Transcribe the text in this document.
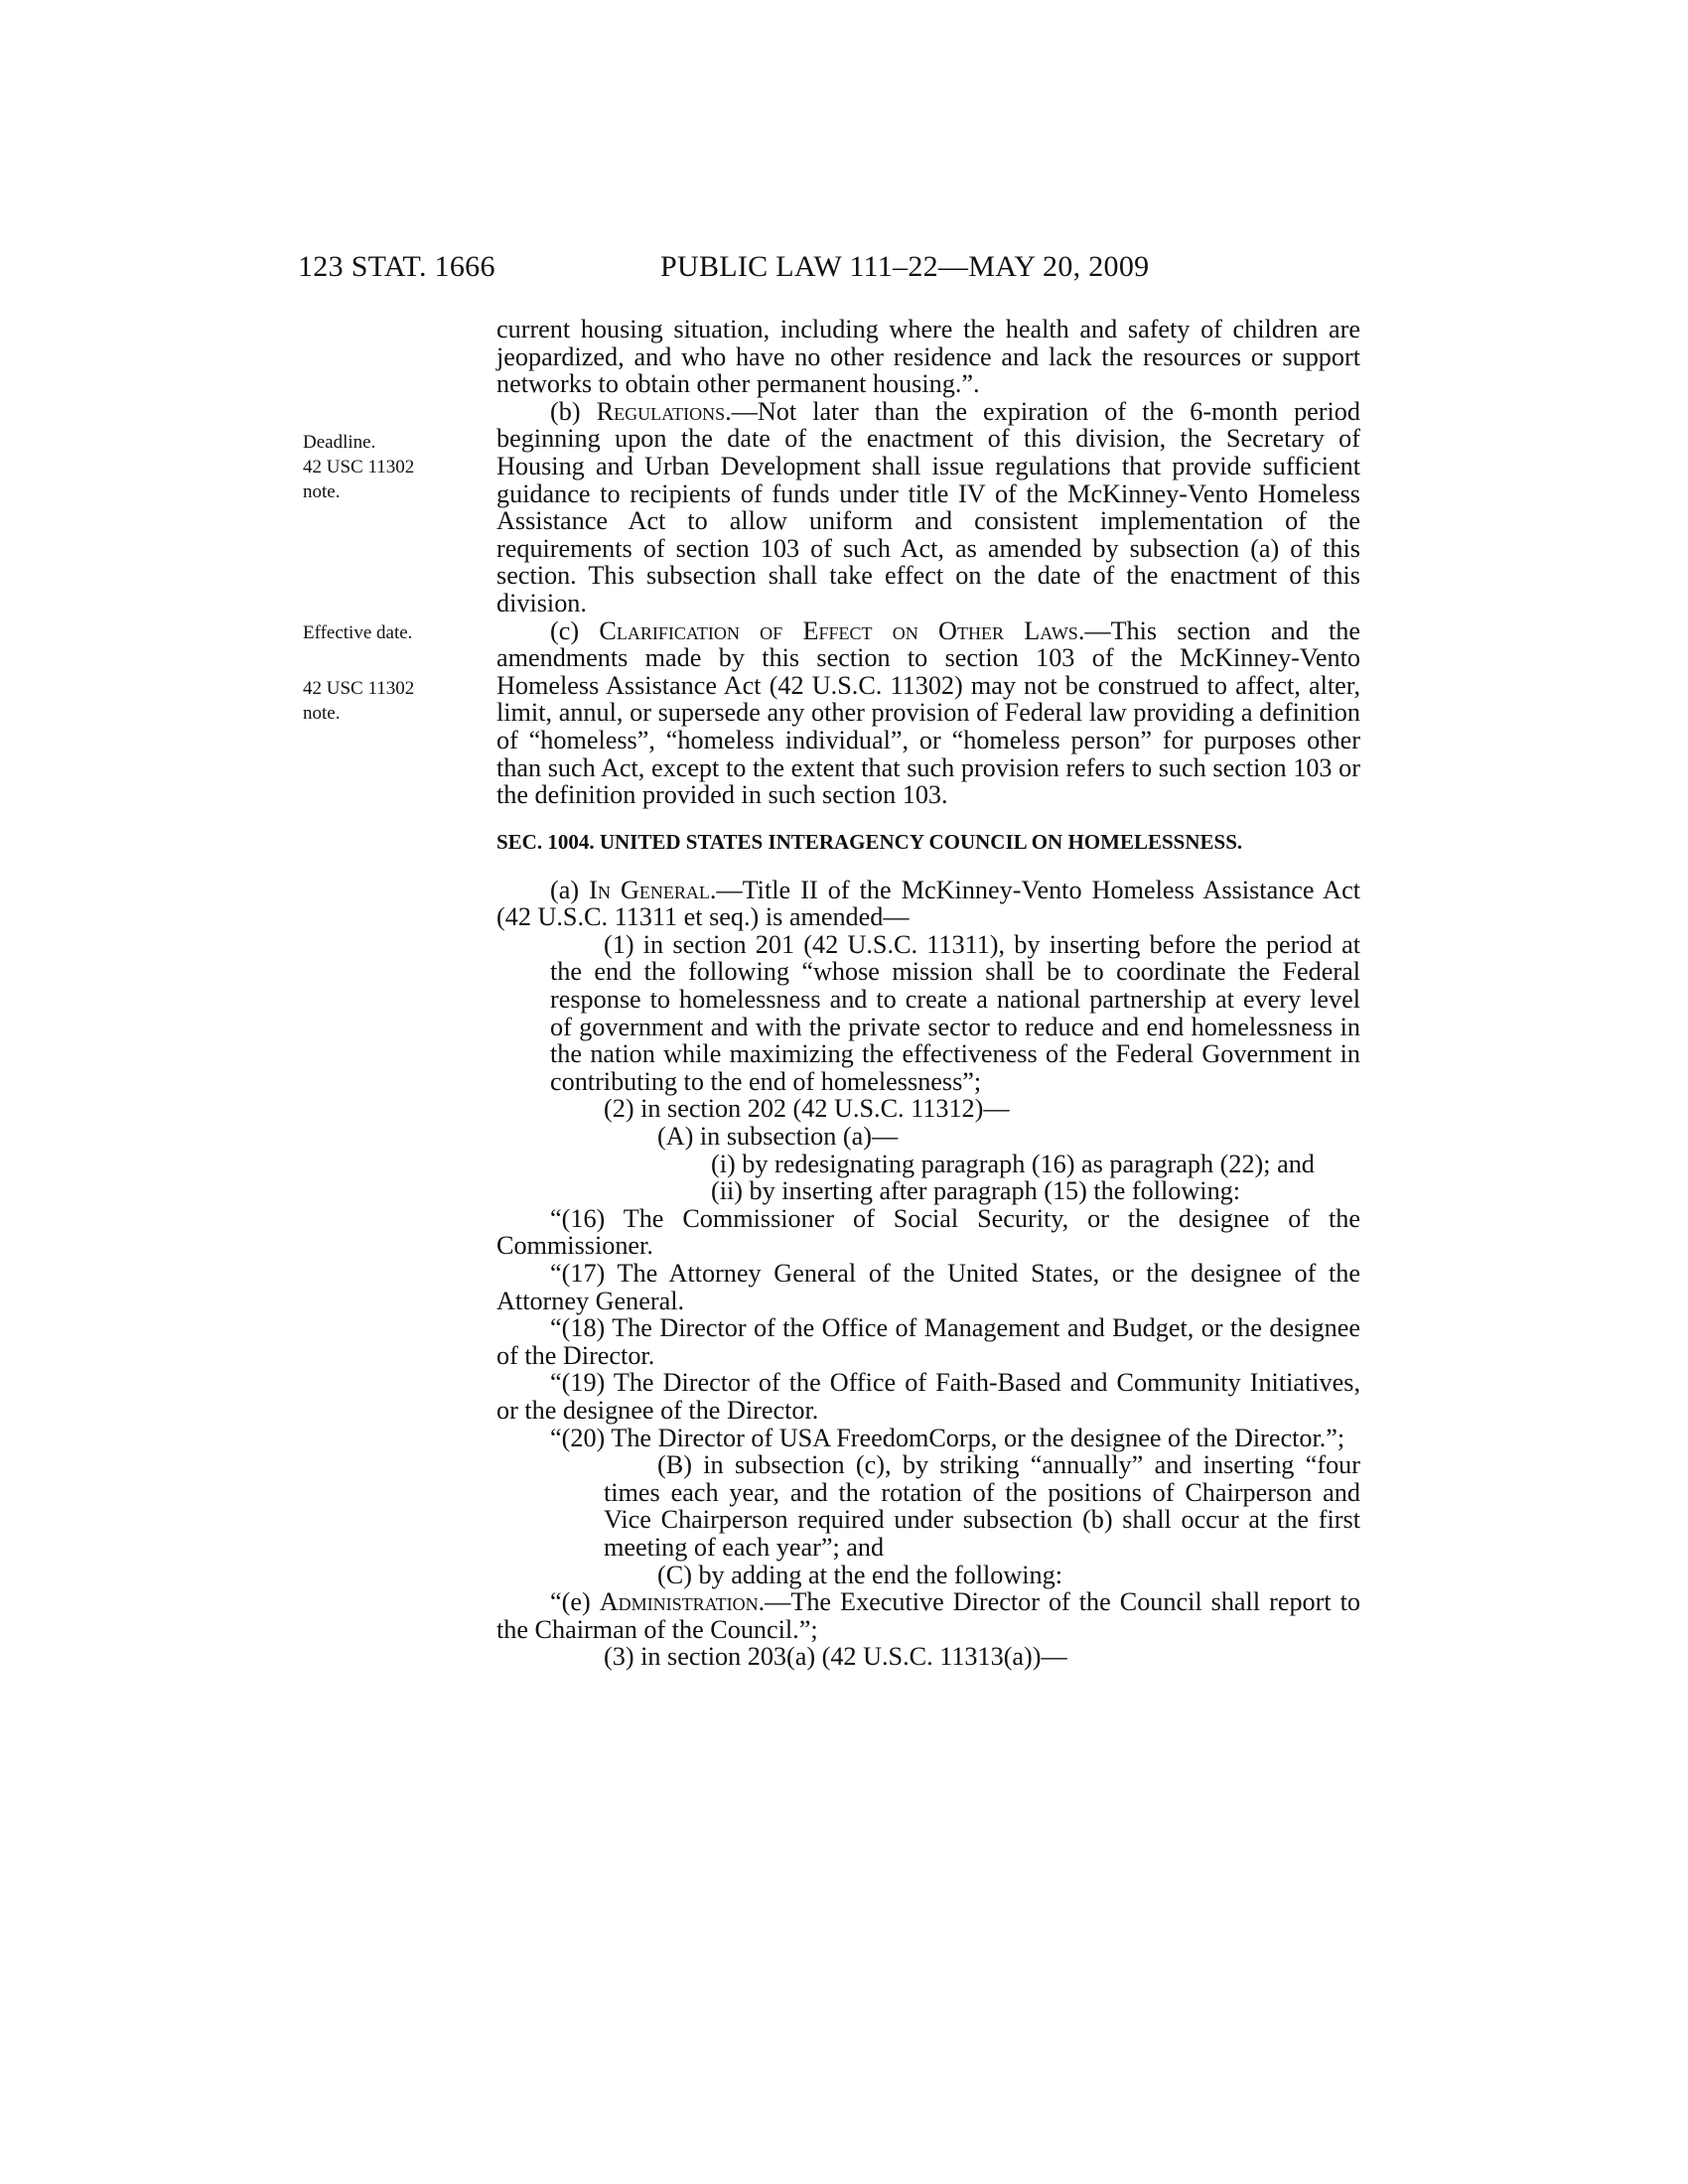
123 STAT. 1666	PUBLIC LAW 111–22—MAY 20, 2009
Deadline.
42 USC 11302
note.
Effective date.
42 USC 11302
note.

current housing situation, including where the health and safety of children are jeopardized, and who have no other residence and lack the resources or support networks to obtain other permanent housing.”.

(b) Regulations.—Not later than the expiration of the 6-month period beginning upon the date of the enactment of this division, the Secretary of Housing and Urban Development shall issue regulations that provide sufficient guidance to recipients of funds under title IV of the McKinney-Vento Homeless Assistance Act to allow uniform and consistent implementation of the requirements of section 103 of such Act, as amended by subsection (a) of this section. This subsection shall take effect on the date of the enactment of this division.

(c) Clarification of Effect on Other Laws.—This section and the amendments made by this section to section 103 of the McKinney-Vento Homeless Assistance Act (42 U.S.C. 11302) may not be construed to affect, alter, limit, annul, or supersede any other provision of Federal law providing a definition of “homeless”, “homeless individual”, or “homeless person” for purposes other than such Act, except to the extent that such provision refers to such section 103 or the definition provided in such section 103.

SEC. 1004. UNITED STATES INTERAGENCY COUNCIL ON HOMELESSNESS.

(a) In General.—Title II of the McKinney-Vento Homeless Assistance Act (42 U.S.C. 11311 et seq.) is amended—

(1) in section 201 (42 U.S.C. 11311), by inserting before the period at the end the following “whose mission shall be to coordinate the Federal response to homelessness and to create a national partnership at every level of government and with the private sector to reduce and end homelessness in the nation while maximizing the effectiveness of the Federal Government in contributing to the end of homelessness”;

(2) in section 202 (42 U.S.C. 11312)—

(A) in subsection (a)—

(i) by redesignating paragraph (16) as paragraph (22); and

(ii) by inserting after paragraph (15) the following:

“(16) The Commissioner of Social Security, or the designee of the Commissioner.

“(17) The Attorney General of the United States, or the designee of the Attorney General.

“(18) The Director of the Office of Management and Budget, or the designee of the Director.

“(19) The Director of the Office of Faith-Based and Community Initiatives, or the designee of the Director.

“(20) The Director of USA FreedomCorps, or the designee of the Director.”;

(B) in subsection (c), by striking “annually” and inserting “four times each year, and the rotation of the positions of Chairperson and Vice Chairperson required under subsection (b) shall occur at the first meeting of each year”; and

(C) by adding at the end the following:

“(e) Administration.—The Executive Director of the Council shall report to the Chairman of the Council.”;

(3) in section 203(a) (42 U.S.C. 11313(a))—
